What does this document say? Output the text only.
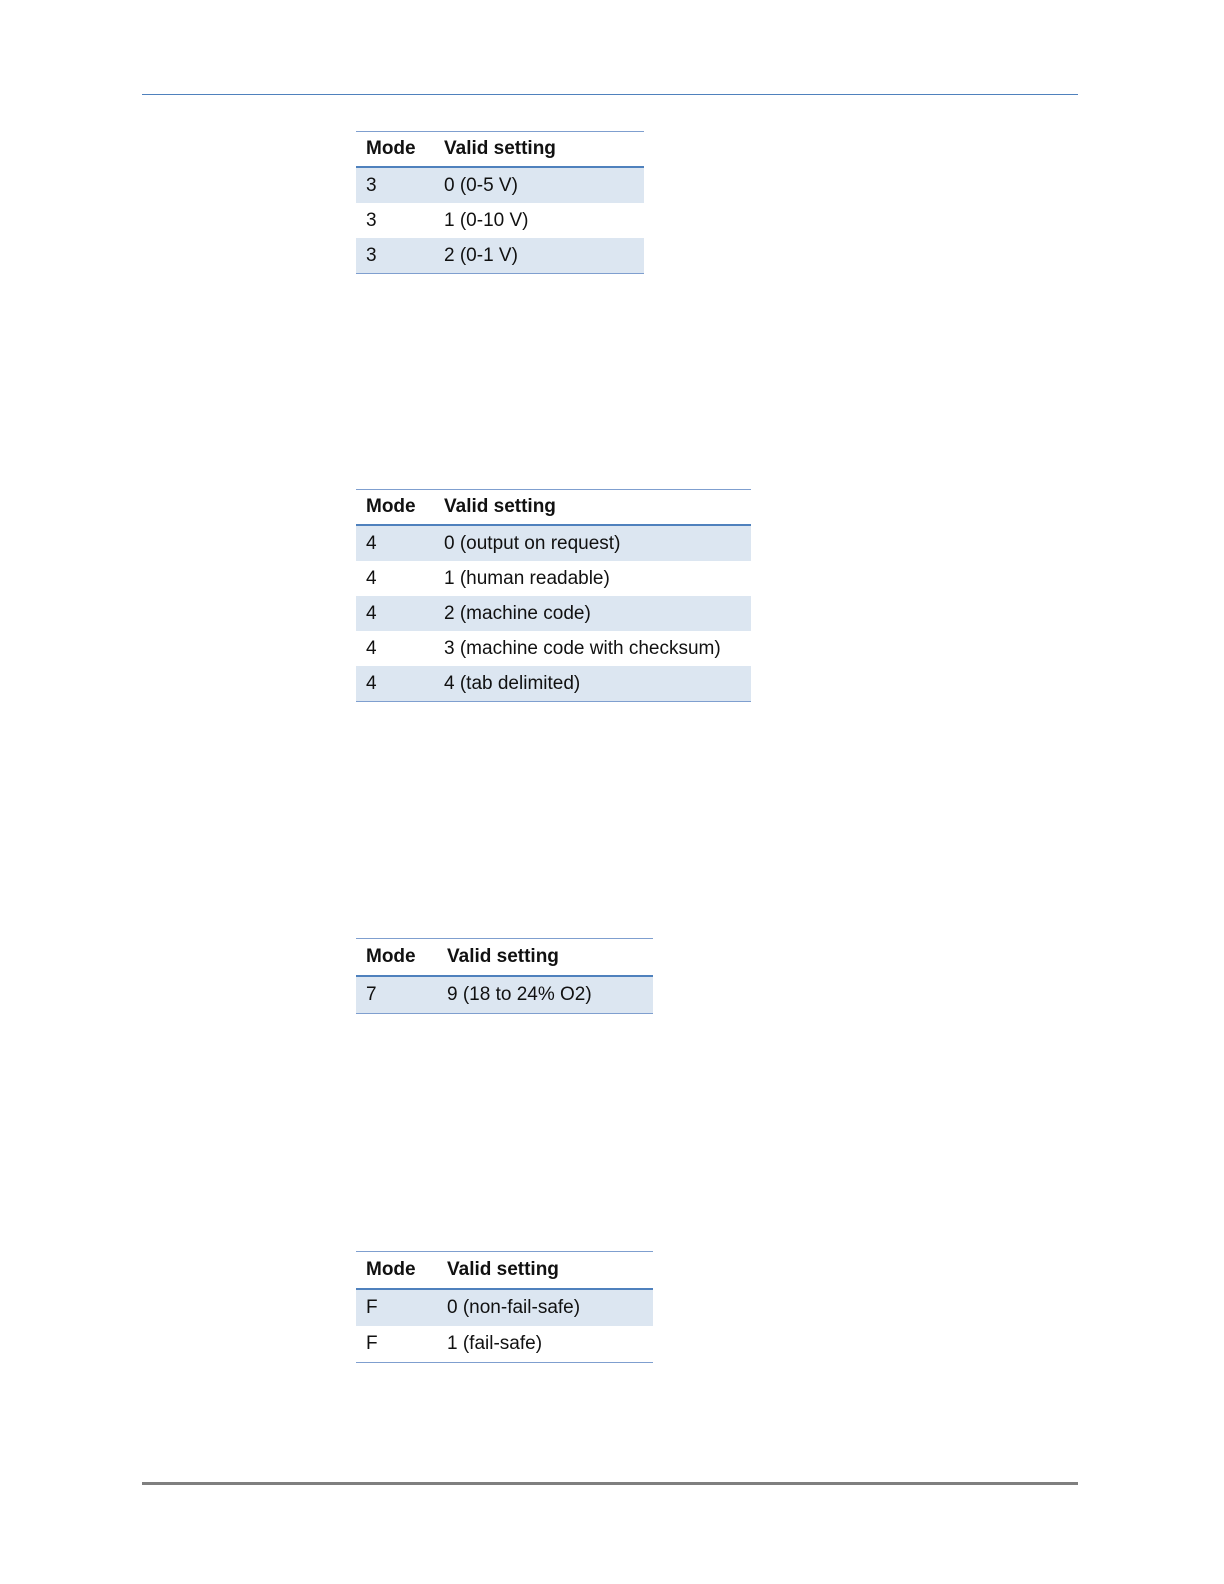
Mode	Valid setting
3	0 (0-5 V)
3	1 (0-10 V)
3	2 (0-1 V)
Mode	Valid setting
4	0 (output on request)
4	1 (human readable)
4	2 (machine code)
4	3 (machine code with checksum)
4	4 (tab delimited)
Mode	Valid setting
7	9 (18 to 24% O2)
Mode	Valid setting
F	0 (non-fail-safe)
F	1 (fail-safe)
